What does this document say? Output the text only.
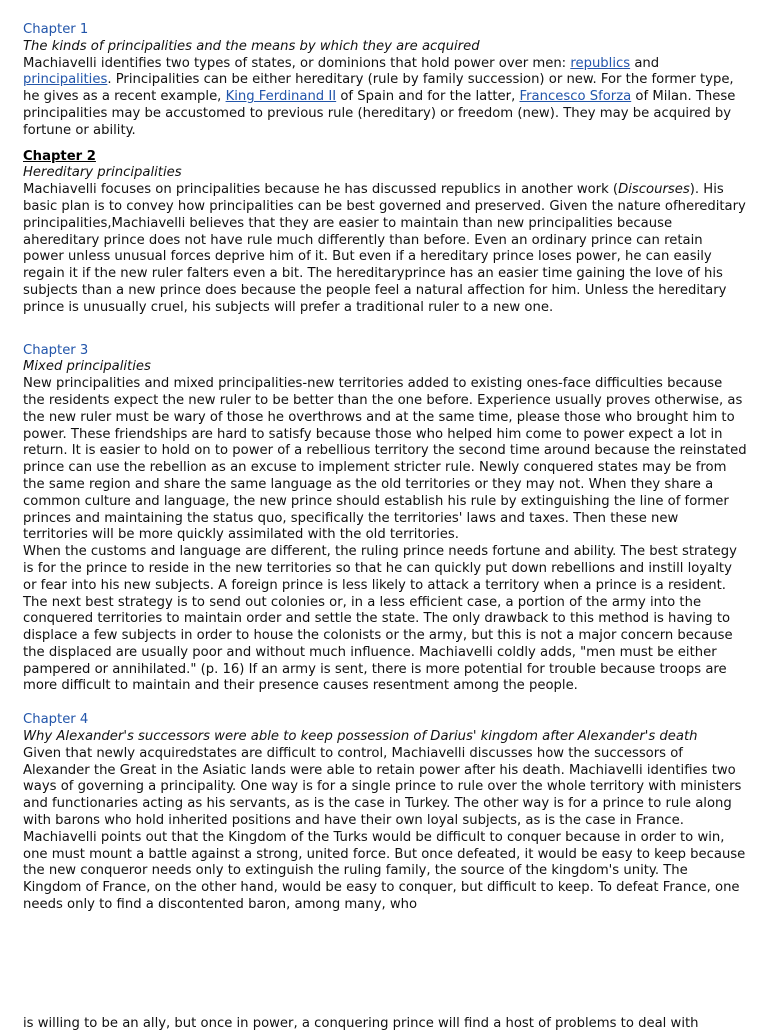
Chapter 1
The kinds of principalities and the means by which they are acquired

Machiavelli identifies two types of states, or dominions that hold power over men: republics and principalities. Principalities can be either hereditary (rule by family succession) or new. For the former type, he gives as a recent example, King Ferdinand II of Spain and for the latter, Francesco Sforza of Milan. These principalities may be accustomed to previous rule (hereditary) or freedom (new). They may be acquired by fortune or ability.

Chapter 2
Hereditary principalities

Machiavelli focuses on principalities because he has discussed republics in another work (Discourses). His basic plan is to convey how principalities can be best governed and preserved. Given the nature ofhereditary principalities,Machiavelli believes that they are easier to maintain than new principalities because ahereditary prince does not have rule much differently than before. Even an ordinary prince can retain power unless unusual forces deprive him of it. But even if a hereditary prince loses power, he can easily regain it if the new ruler falters even a bit. The hereditaryprince has an easier time gaining the love of his subjects than a new prince does because the people feel a natural affection for him. Unless the hereditary prince is unusually cruel, his subjects will prefer a traditional ruler to a new one.

Chapter 3
Mixed principalities

New principalities and mixed principalities-new territories added to existing ones-face difficulties because the residents expect the new ruler to be better than the one before. Experience usually proves otherwise, as the new ruler must be wary of those he overthrows and at the same time, please those who brought him to power. These friendships are hard to satisfy because those who helped him come to power expect a lot in return. It is easier to hold on to power of a rebellious territory the second time around because the reinstated prince can use the rebellion as an excuse to implement stricter rule. Newly conquered states may be from the same region and share the same language as the old territories or they may not. When they share a common culture and language, the new prince should establish his rule by extinguishing the line of former princes and maintaining the status quo, specifically the territories' laws and taxes. Then these new territories will be more quickly assimilated with the old territories.

When the customs and language are different, the ruling prince needs fortune and ability. The best strategy is for the prince to reside in the new territories so that he can quickly put down rebellions and instill loyalty or fear into his new subjects. A foreign prince is less likely to attack a territory when a prince is a resident. The next best strategy is to send out colonies or, in a less efficient case, a portion of the army into the conquered territories to maintain order and settle the state. The only drawback to this method is having to displace a few subjects in order to house the colonists or the army, but this is not a major concern because the displaced are usually poor and without much influence. Machiavelli coldly adds, "men must be either pampered or annihilated." (p. 16) If an army is sent, there is more potential for trouble because troops are more difficult to maintain and their presence causes resentment among the people.

Chapter 4
Why Alexander's successors were able to keep possession of Darius' kingdom after Alexander's death

Given that newly acquiredstates are difficult to control, Machiavelli discusses how the successors of Alexander the Great in the Asiatic lands were able to retain power after his death. Machiavelli identifies two ways of governing a principality. One way is for a single prince to rule over the whole territory with ministers and functionaries acting as his servants, as is the case in Turkey. The other way is for a prince to rule along with barons who hold inherited positions and have their own loyal subjects, as is the case in France. Machiavelli points out that the Kingdom of the Turks would be difficult to conquer because in order to win, one must mount a battle against a strong, united force. But once defeated, it would be easy to keep because the new conqueror needs only to extinguish the ruling family, the source of the kingdom's unity. The Kingdom of France, on the other hand, would be easy to conquer, but difficult to keep. To defeat France, one needs only to find a discontented baron, among many, who

is willing to be an ally, but once in power, a conquering prince will find a host of problems to deal with
